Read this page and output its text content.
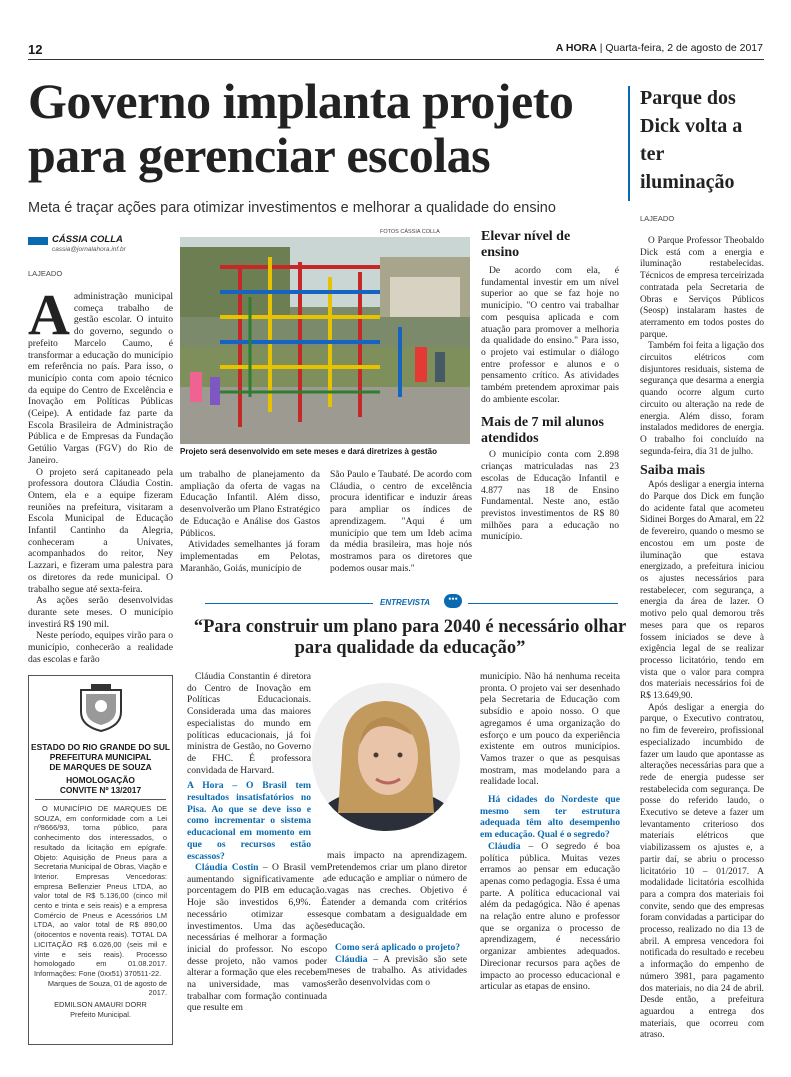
12	A HORA | Quarta-feira, 2 de agosto de 2017
Governo implanta projeto
para gerenciar escolas
Meta é traçar ações para otimizar investimentos e melhorar a qualidade do ensino
CÁSSIA COLLA
cassia@jornalahora.inf.br
LAJEADO
FOTOS CÁSSIA COLLA
Projeto será desenvolvido em sete meses e dará diretrizes à gestão

Aadministração municipal começa trabalho de gestão escolar. O intuito do governo, segundo o prefeito Marcelo Caumo, é transformar a educação do município em referência no país. Para isso, o município conta com apoio técnico da equipe do Centro de Excelência e Inovação em Políticas Públicas (Ceipe). A entidade faz parte da Escola Brasileira de Administração Pública e de Empresas da Fundação Getúlio Vargas (FGV) do Rio de Janeiro.

O projeto será capitaneado pela professora doutora Cláudia Costin. Ontem, ela e a equipe fizeram reuniões na prefeitura, visitaram a Escola Municipal de Educação Infantil Cantinho da Alegria, conheceram a Univates, acompanhados do reitor, Ney Lazzari, e fizeram uma palestra para os diretores da rede municipal. O trabalho segue até sexta-feira.

As ações serão desenvolvidas durante sete meses. O município investirá R$ 190 mil.

Neste período, equipes virão para o município, conhecerão a realidade das escolas e farão

um trabalho de planejamento da ampliação da oferta de vagas na Educação Infantil. Além disso, desenvolverão um Plano Estratégico de Educação e Análise dos Gastos Públicos.

Atividades semelhantes já foram implementadas em Pelotas, Maranhão, Goiás, município de

São Paulo e Taubaté. De acordo com Cláudia, o centro de excelência procura identificar e induzir áreas para ampliar os índices de aprendizagem. "Aqui é um município que tem um Ideb acima da média brasileira, mas hoje nós mostramos para os diretores que podemos ousar mais."

Elevar nível de ensino
De acordo com ela, é fundamental investir em um nível superior ao que se faz hoje no município. "O centro vai trabalhar com pesquisa aplicada e com atuação para promover a melhoria da qualidade do ensino." Para isso, o projeto vai estimular o diálogo entre professor e alunos e o pensamento crítico. As atividades também pretendem aproximar pais do ambiente escolar.
Mais de 7 mil alunos atendidos
O município conta com 2.898 crianças matriculadas nas 23 escolas de Educação Infantil e 4.877 nas 18 de Ensino Fundamental. Neste ano, estão previstos investimentos de R$ 80 milhões para a educação no município.
ENTREVISTA	•••
“Para construir um plano para 2040 é necessário olhar para qualidade da educação”

Cláudia Constantin é diretora do Centro de Inovação em Políticas Educacionais. Considerada uma das maiores especialistas do mundo em políticas educacionais, já foi ministra de Gestão, no Governo de FHC. É professora convidada de Harvard.

A Hora – O Brasil tem resultados insatisfatórios no Pisa. Ao que se deve isso e como incrementar o sistema educacional em momento em que os recursos estão escassos?

Cláudia Costin – O Brasil vem aumentando significativamente a porcentagem do PIB em educação. Hoje são investidos 6,9%. É necessário otimizar esses investimentos. Uma das ações necessárias é melhorar a formação inicial do professor. No escopo desse projeto, não vamos poder alterar a formação que eles recebem na universidade, mas vamos trabalhar com formação continuada que resulte em

mais impacto na aprendizagem. Pretendemos criar um plano diretor de educação e ampliar o número de vagas nas creches. Objetivo é atender a demanda com critérios que combatam a desigualdade em educação.

Como será aplicado o projeto?

Cláudia – A previsão são sete meses de trabalho. As atividades serão desenvolvidas com o

município. Não há nenhuma receita pronta. O projeto vai ser desenhado pela Secretaria de Educação com subsídio e apoio nosso. O que agregamos é uma organização do esforço e um pouco da experiência existente em outros municípios. Vamos trazer o que as pesquisas mostram, mas modelando para a realidade local.

Há cidades do Nordeste que mesmo sem ter estrutura adequada têm alto desempenho em educação. Qual é o segredo?

Cláudia – O segredo é boa política pública. Muitas vezes erramos ao pensar em educação apenas como pedagogia. Essa é uma parte. A política educacional vai além da pedagógica. Não é apenas na relação entre aluno e professor que se organiza o processo de aprendizagem, é necessário organizar ambientes adequados. Direcionar recursos para ações de impacto ao processo educacional e articular as etapas de ensino.

ESTADO DO RIO GRANDE DO SUL
PREFEITURA MUNICIPAL
DE MARQUES DE SOUZA
HOMOLOGAÇÃO
CONVITE Nº 13/2017
O MUNICÍPIO DE MARQUES DE SOUZA, em conformidade com a Lei nº8666/93, torna público, para conhecimento dos interessados, o resultado da licitação em epígrafe. Objeto: Aquisição de Pneus para a Secretaria Municipal de Obras, Viação e Interior. Empresas Vencedoras: empresa Bellenzier Pneus LTDA, ao valor total de R$ 5.136,00 (cinco mil cento e trinta e seis reais) e a empresa Comércio de Pneus e Acessórios LM LTDA, ao valor total de R$ 890,00 (oitocentos e noventa reais). TOTAL DA LICITAÇÃO R$ 6.026,00 (seis mil e vinte e seis reais). Processo homologado em 01.08.2017. Informações: Fone (0xx51) 370511-22.
Marques de Souza, 01 de agosto de 2017.
EDMILSON AMAURI DORR
Prefeito Municipal.
Parque dos Dick volta a ter iluminação
LAJEADO

O Parque Professor Theobaldo Dick está com a energia e iluminação restabelecidas. Técnicos de empresa terceirizada contratada pela Secretaria de Obras e Serviços Públicos (Seosp) instalaram hastes de aterramento em todos postes do parque.

Também foi feita a ligação dos circuitos elétricos com disjuntores residuais, sistema de segurança que desarma a energia quando ocorre algum curto circuito ou alteração na rede de energia. Além disso, foram instalados medidores de energia. O trabalho foi concluído na segunda-feira, dia 31 de julho.

Saiba mais

Após desligar a energia interna do Parque dos Dick em função do acidente fatal que acometeu Sidinei Borges do Amaral, em 22 de fevereiro, quando o mesmo se encostou em um poste de iluminação que estava energizado, a prefeitura iniciou os ajustes necessários para restabelecer, com segurança, a energia da área de lazer. O motivo pelo qual demorou três meses para que os reparos fossem iniciados se deve à exigência legal de se realizar processo licitatório, tendo em vista que o valor para compra dos materiais necessários foi de R$ 13.649,90.

Após desligar a energia do parque, o Executivo contratou, no fim de fevereiro, profissional especializado incumbido de fazer um laudo que apontasse as alterações necessárias para que a rede de energia pudesse ser restabelecida com segurança. De posse do referido laudo, o Executivo se deteve a fazer um levantamento criterioso dos materiais elétricos que viabilizassem os ajustes e, a partir daí, se abriu o processo licitatório 10 – 01/2017. A modalidade licitatória escolhida para a compra dos materiais foi convite, sendo que des empresas foram convidadas a participar do processo, realizado no dia 13 de abril. A empresa vencedora foi notificada do resultado e recebeu a informação do empenho de número 3981, para pagamento dos materiais, no dia 24 de abril. Desde então, a prefeitura aguardou a entrega dos materiais, que ocorreu com atraso.
